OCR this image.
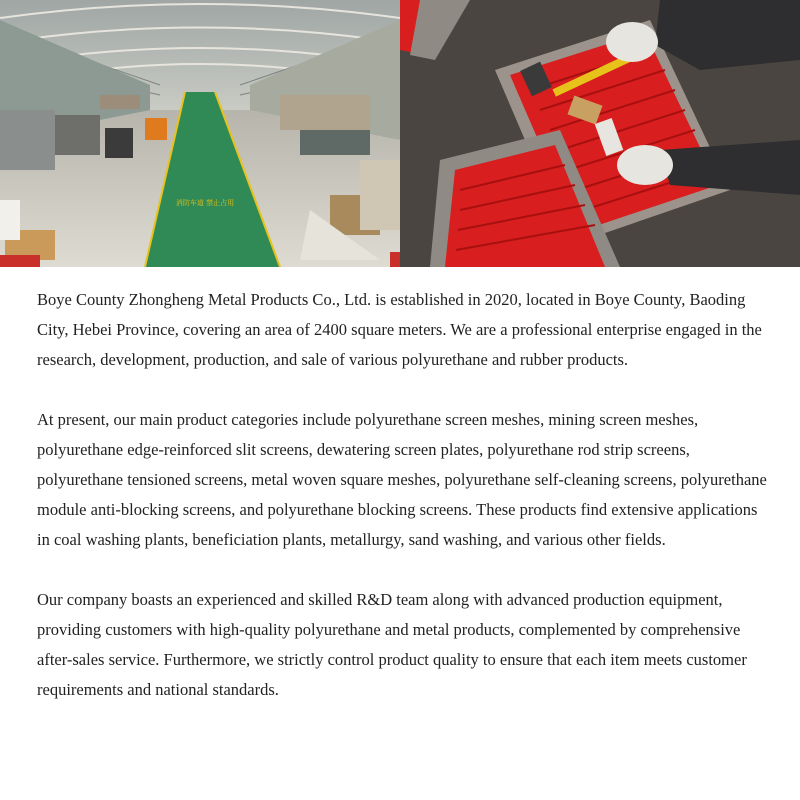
消防车道 禁止占用

Boye County Zhongheng Metal Products Co., Ltd. is established in 2020, located in Boye County, Baoding City, Hebei Province, covering an area of 2400 square meters. We are a professional enterprise engaged in the research, development, production, and sale of various polyurethane and rubber products.

At present, our main product categories include polyurethane screen meshes, mining screen meshes, polyurethane edge-reinforced slit screens, dewatering screen plates, polyurethane rod strip screens, polyurethane tensioned screens, metal woven square meshes, polyurethane self-cleaning screens, polyurethane module anti-blocking screens, and polyurethane blocking screens. These products find extensive applications in coal washing plants, beneficiation plants, metallurgy, sand washing, and various other fields.

Our company boasts an experienced and skilled R&D team along with advanced production equipment, providing customers with high-quality polyurethane and metal products, complemented by comprehensive after-sales service. Furthermore, we strictly control product quality to ensure that each item meets customer requirements and national standards.
